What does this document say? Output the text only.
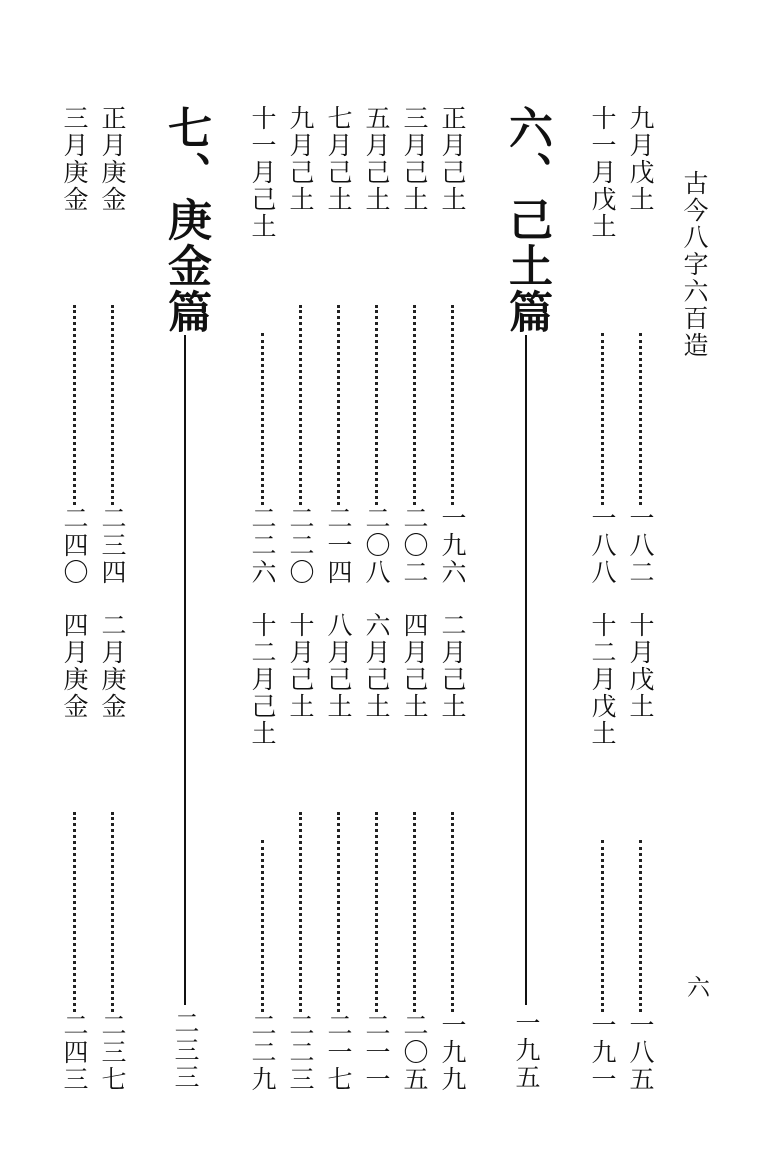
古今八字六百造
六
九月戊土
一八二
十月戊土
一八五
十一月戊土
一八八
十二月戊土
一九一
六、己土篇
一九五
正月己土
一九六
二月己土
一九九
三月己土
二〇二
四月己土
二〇五
五月己土
二〇八
六月己土
二一一
七月己土
二一四
八月己土
二一七
九月己土
二二〇
十月己土
二二三
十一月己土
二二六
十二月己土
二二九
七、庚金篇
二三三
正月庚金
二三四
二月庚金
二三七
三月庚金
二四〇
四月庚金
二四三
